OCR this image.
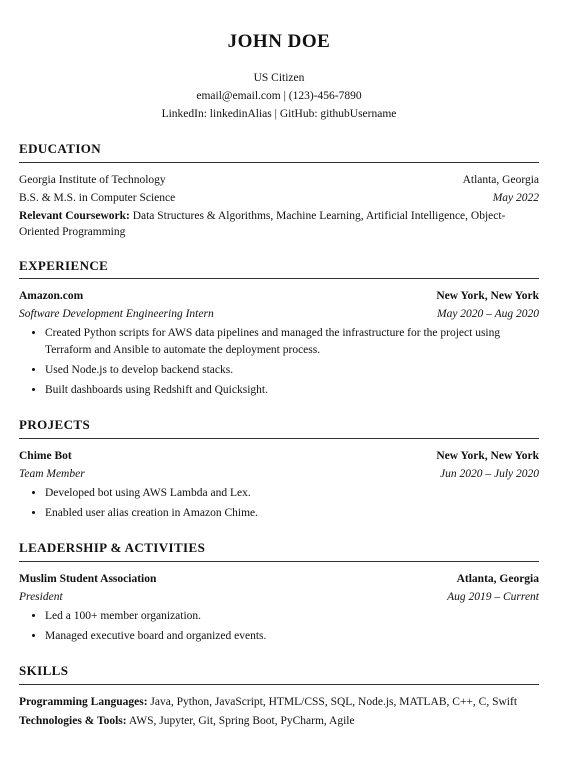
JOHN DOE
US Citizen
email@email.com | (123)-456-7890
LinkedIn: linkedinAlias | GitHub: githubUsername
EDUCATION
Georgia Institute of Technology	Atlanta, Georgia
B.S. & M.S. in Computer Science	May 2022
Relevant Coursework: Data Structures & Algorithms, Machine Learning, Artificial Intelligence, Object-Oriented Programming
EXPERIENCE
Amazon.com	New York, New York
Software Development Engineering Intern	May 2020 – Aug 2020
• Created Python scripts for AWS data pipelines and managed the infrastructure for the project using Terraform and Ansible to automate the deployment process.
• Used Node.js to develop backend stacks.
• Built dashboards using Redshift and Quicksight.
PROJECTS
Chime Bot	New York, New York
Team Member	Jun 2020 – July 2020
• Developed bot using AWS Lambda and Lex.
• Enabled user alias creation in Amazon Chime.
LEADERSHIP & ACTIVITIES
Muslim Student Association	Atlanta, Georgia
President	Aug 2019 – Current
• Led a 100+ member organization.
• Managed executive board and organized events.
SKILLS
Programming Languages: Java, Python, JavaScript, HTML/CSS, SQL, Node.js, MATLAB, C++, C, Swift
Technologies & Tools: AWS, Jupyter, Git, Spring Boot, PyCharm, Agile
